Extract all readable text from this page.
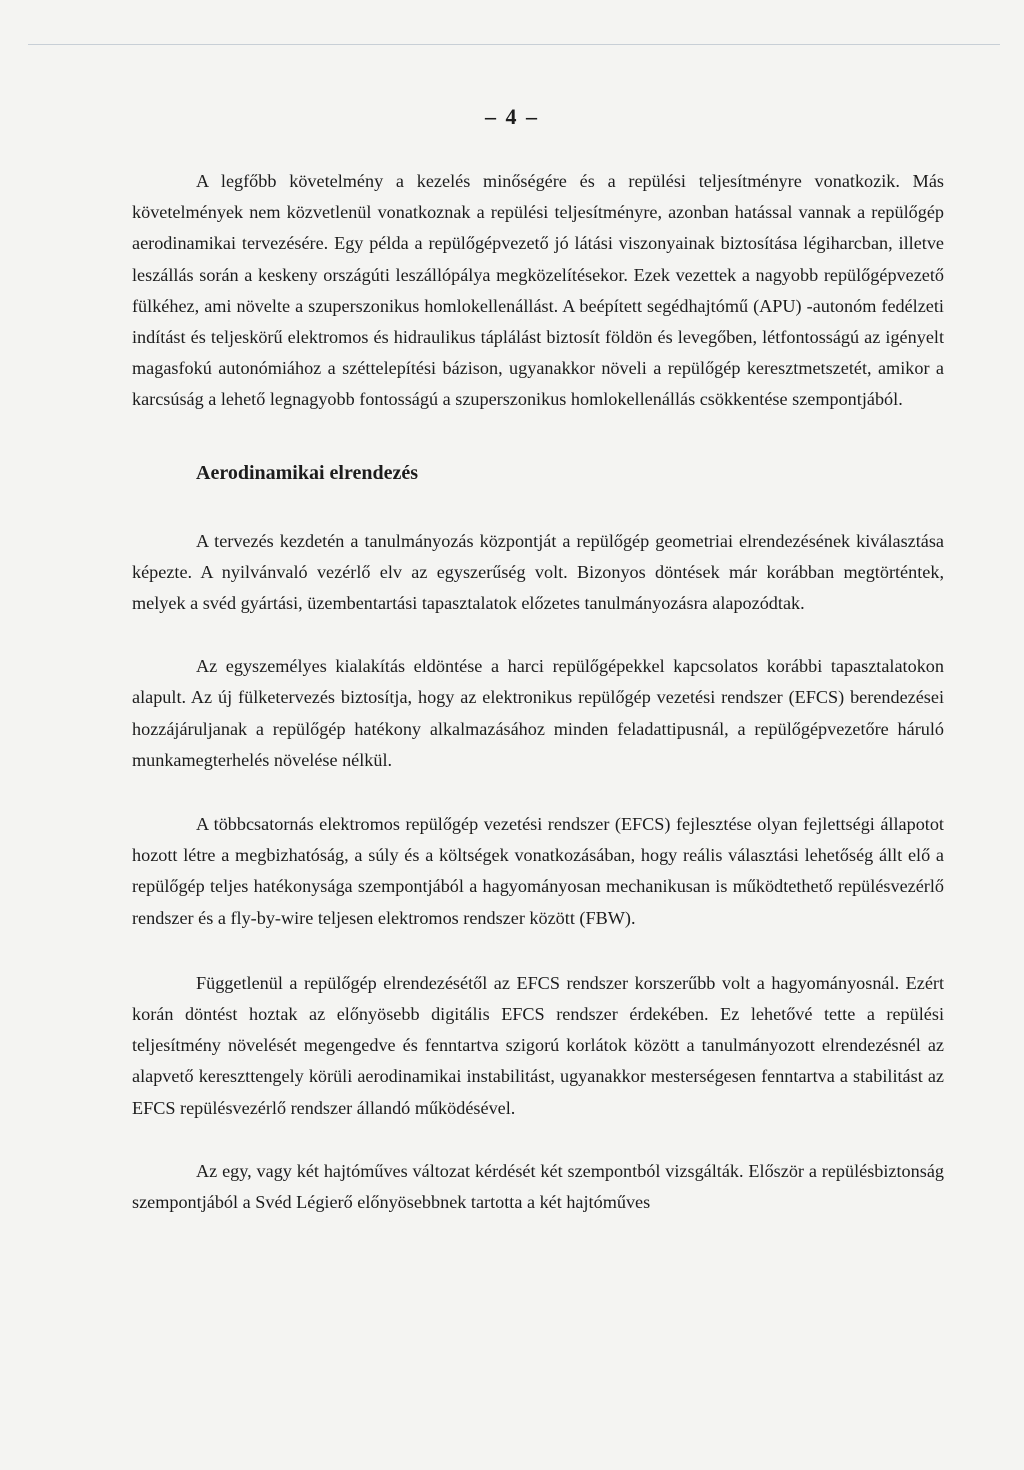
– 4 –

A legfőbb követelmény a kezelés minőségére és a repülési teljesítményre vonatkozik. Más követelmények nem közvetlenül vonatkoznak a repülési teljesítményre, azonban hatással vannak a repülőgép aerodinamikai tervezésére. Egy példa a repülőgépvezető jó látási viszonyainak biztosítása légiharcban, illetve leszállás során a keskeny országúti leszállópálya megközelítésekor. Ezek vezettek a nagyobb repülőgépvezető fülkéhez, ami növelte a szuperszonikus homlokellenállást. A beépített segédhajtómű (APU) -autonóm fedélzeti indítást és teljeskörű elektromos és hidraulikus táplálást biztosít földön és levegőben, létfontosságú az igényelt magasfokú autonómiához a széttelepítési bázison, ugyanakkor növeli a repülőgép keresztmetszetét, amikor a karcsúság a lehető legnagyobb fontosságú a szuperszonikus homlokellenállás csökkentése szempontjából.

Aerodinamikai elrendezés

A tervezés kezdetén a tanulmányozás központját a repülőgép geometriai elrendezésének kiválasztása képezte. A nyilvánvaló vezérlő elv az egyszerűség volt. Bizonyos döntések már korábban megtörténtek, melyek a svéd gyártási, üzembentartási tapasztalatok előzetes tanulmányozásra alapozódtak.

Az egyszemélyes kialakítás eldöntése a harci repülőgépekkel kapcsolatos korábbi tapasztalatokon alapult. Az új fülketervezés biztosítja, hogy az elektronikus repülőgép vezetési rendszer (EFCS) berendezései hozzájáruljanak a repülőgép hatékony alkalmazásához minden feladattipusnál, a repülőgépvezetőre háruló munkamegterhelés növelése nélkül.

A többcsatornás elektromos repülőgép vezetési rendszer (EFCS) fejlesztése olyan fejlettségi állapotot hozott létre a megbizhatóság, a súly és a költségek vonatkozásában, hogy reális választási lehetőség állt elő a repülőgép teljes hatékonysága szempontjából a hagyományosan mechanikusan is működtethető repülésvezérlő rendszer és a fly-by-wire teljesen elektromos rendszer között (FBW).

Függetlenül a repülőgép elrendezésétől az EFCS rendszer korszerűbb volt a hagyományosnál. Ezért korán döntést hoztak az előnyösebb digitális EFCS rendszer érdekében. Ez lehetővé tette a repülési teljesítmény növelését megengedve és fenntartva szigorú korlátok között a tanulmányozott elrendezésnél az alapvető kereszttengely körüli aerodinamikai instabilitást, ugyanakkor mesterségesen fenntartva a stabilitást az EFCS repülésvezérlő rendszer állandó működésével.

Az egy, vagy két hajtóműves változat kérdését két szempontból vizsgálták. Először a repülésbiztonság szempontjából a Svéd Légierő előnyösebbnek tartotta a két hajtóműves
